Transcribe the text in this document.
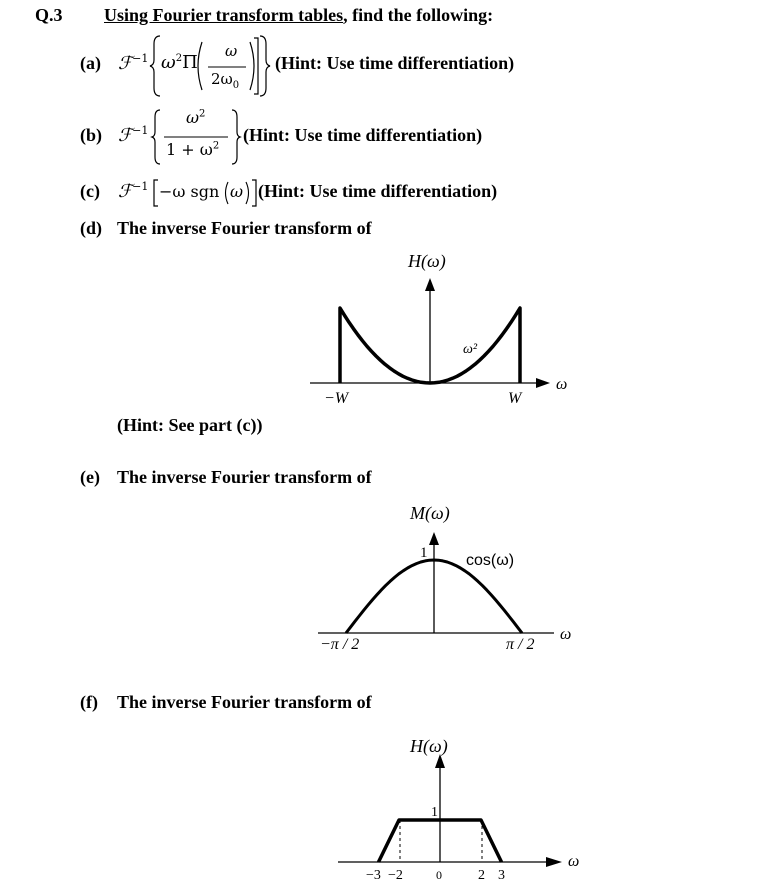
Q.3 Using Fourier transform tables, find the following:
(a) ℱ$^{-1}$ $\omega^2\Pi$
ω
$2\omega_0$
(Hint: Use time differentiation)
(b) ℱ$^{-1}$
$\omega^2$
$1 + \omega^2$
(Hint: Use time differentiation)
(c) ℱ$^{-1}$ −ω sgn ω (Hint: Use time differentiation)
(d) The inverse Fourier transform of
H(ω)
ω²
−W	W
ω
(Hint: See part (c))
(e) The inverse Fourier transform of
M(ω)
1 cos(ω)
−π / 2	π / 2
ω
(f) The inverse Fourier transform of
H(ω)
1
−3 −2	0	2 3
ω
